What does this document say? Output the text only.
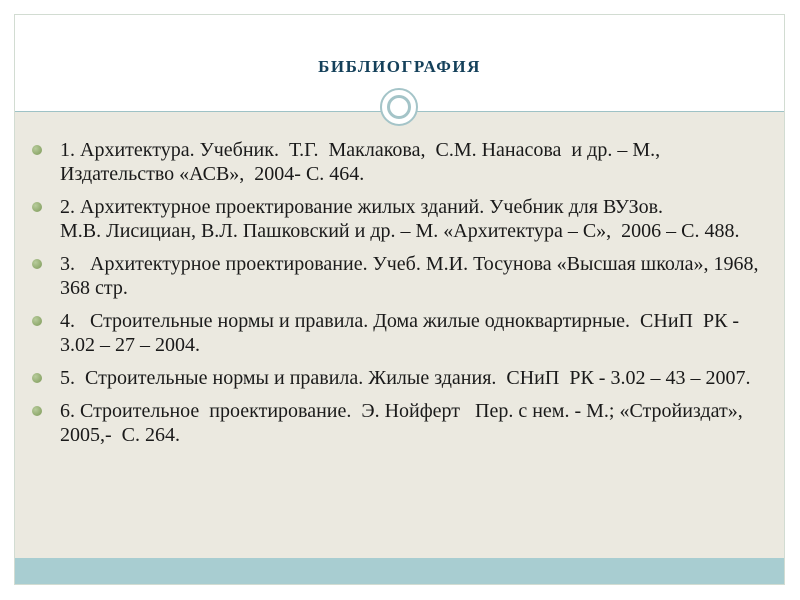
БИБЛИОГРАФИЯ
1. Архитектура. Учебник.  Т.Г.  Маклакова,  С.М. Нанасова  и др. – М., Издательство «АСВ»,  2004- С. 464.
2. Архитектурное проектирование жилых зданий. Учебник для ВУЗов.                М.В. Лисициан, В.Л. Пашковский и др. – М. «Архитектура – С»,  2006 – С. 488.
3.   Архитектурное проектирование. Учеб. М.И. Тосунова «Высшая школа», 1968, 368 стр.
4.   Строительные нормы и правила. Дома жилые одноквартирные.  СНиП  РК - 3.02 – 27 – 2004.
5.  Строительные нормы и правила. Жилые здания.  СНиП  РК - 3.02 – 43 – 2007.
6. Строительное  проектирование.  Э. Нойферт   Пер. с нем. - М.; «Стройиздат»,  2005,-  С. 264.
